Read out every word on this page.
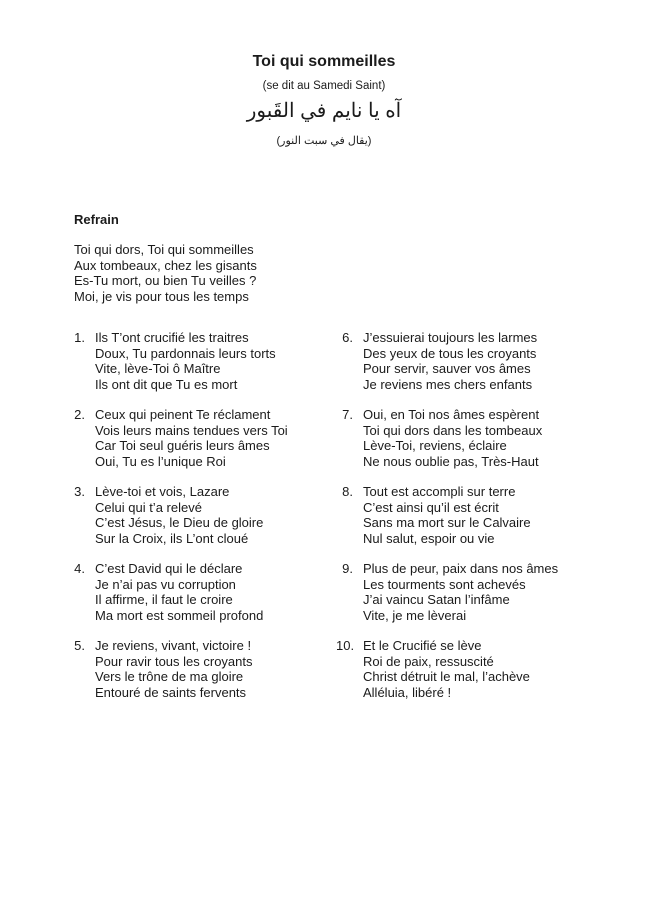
Toi qui sommeilles
(se dit au Samedi Saint)
آه يا نايم في القَبور
(يقال في سبت النور)
Refrain
Toi qui dors, Toi qui sommeilles
Aux tombeaux, chez les gisants
Es-Tu mort, ou bien Tu veilles ?
Moi, je vis pour tous les temps
1. Ils T’ont crucifié les traitres
Doux, Tu pardonnais leurs torts
Vite, lève-Toi ô Maître
Ils ont dit que Tu es mort
2. Ceux qui peinent Te réclament
Vois leurs mains tendues vers Toi
Car Toi seul guéris leurs âmes
Oui, Tu es l’unique Roi
3. Lève-toi et vois, Lazare
Celui qui t’a relevé
C’est Jésus, le Dieu de gloire
Sur la Croix, ils L’ont cloué
4. C’est David qui le déclare
Je n’ai pas vu corruption
Il affirme, il faut le croire
Ma mort est sommeil profond
5. Je reviens, vivant, victoire !
Pour ravir tous les croyants
Vers le trône de ma gloire
Entouré de saints fervents
6. J’essuierai toujours les larmes
Des yeux de tous les croyants
Pour servir, sauver vos âmes
Je reviens mes chers enfants
7. Oui, en Toi nos âmes espèrent
Toi qui dors dans les tombeaux
Lève-Toi, reviens, éclaire
Ne nous oublie pas, Très-Haut
8. Tout est accompli sur terre
C’est ainsi qu’il est écrit
Sans ma mort sur le Calvaire
Nul salut, espoir ou vie
9. Plus de peur, paix dans nos âmes
Les tourments sont achevés
J’ai vaincu Satan l’infâme
Vite, je me lèverai
10. Et le Crucifié se lève
Roi de paix, ressuscité
Christ détruit le mal, l’achève
Alléluia, libéré !
